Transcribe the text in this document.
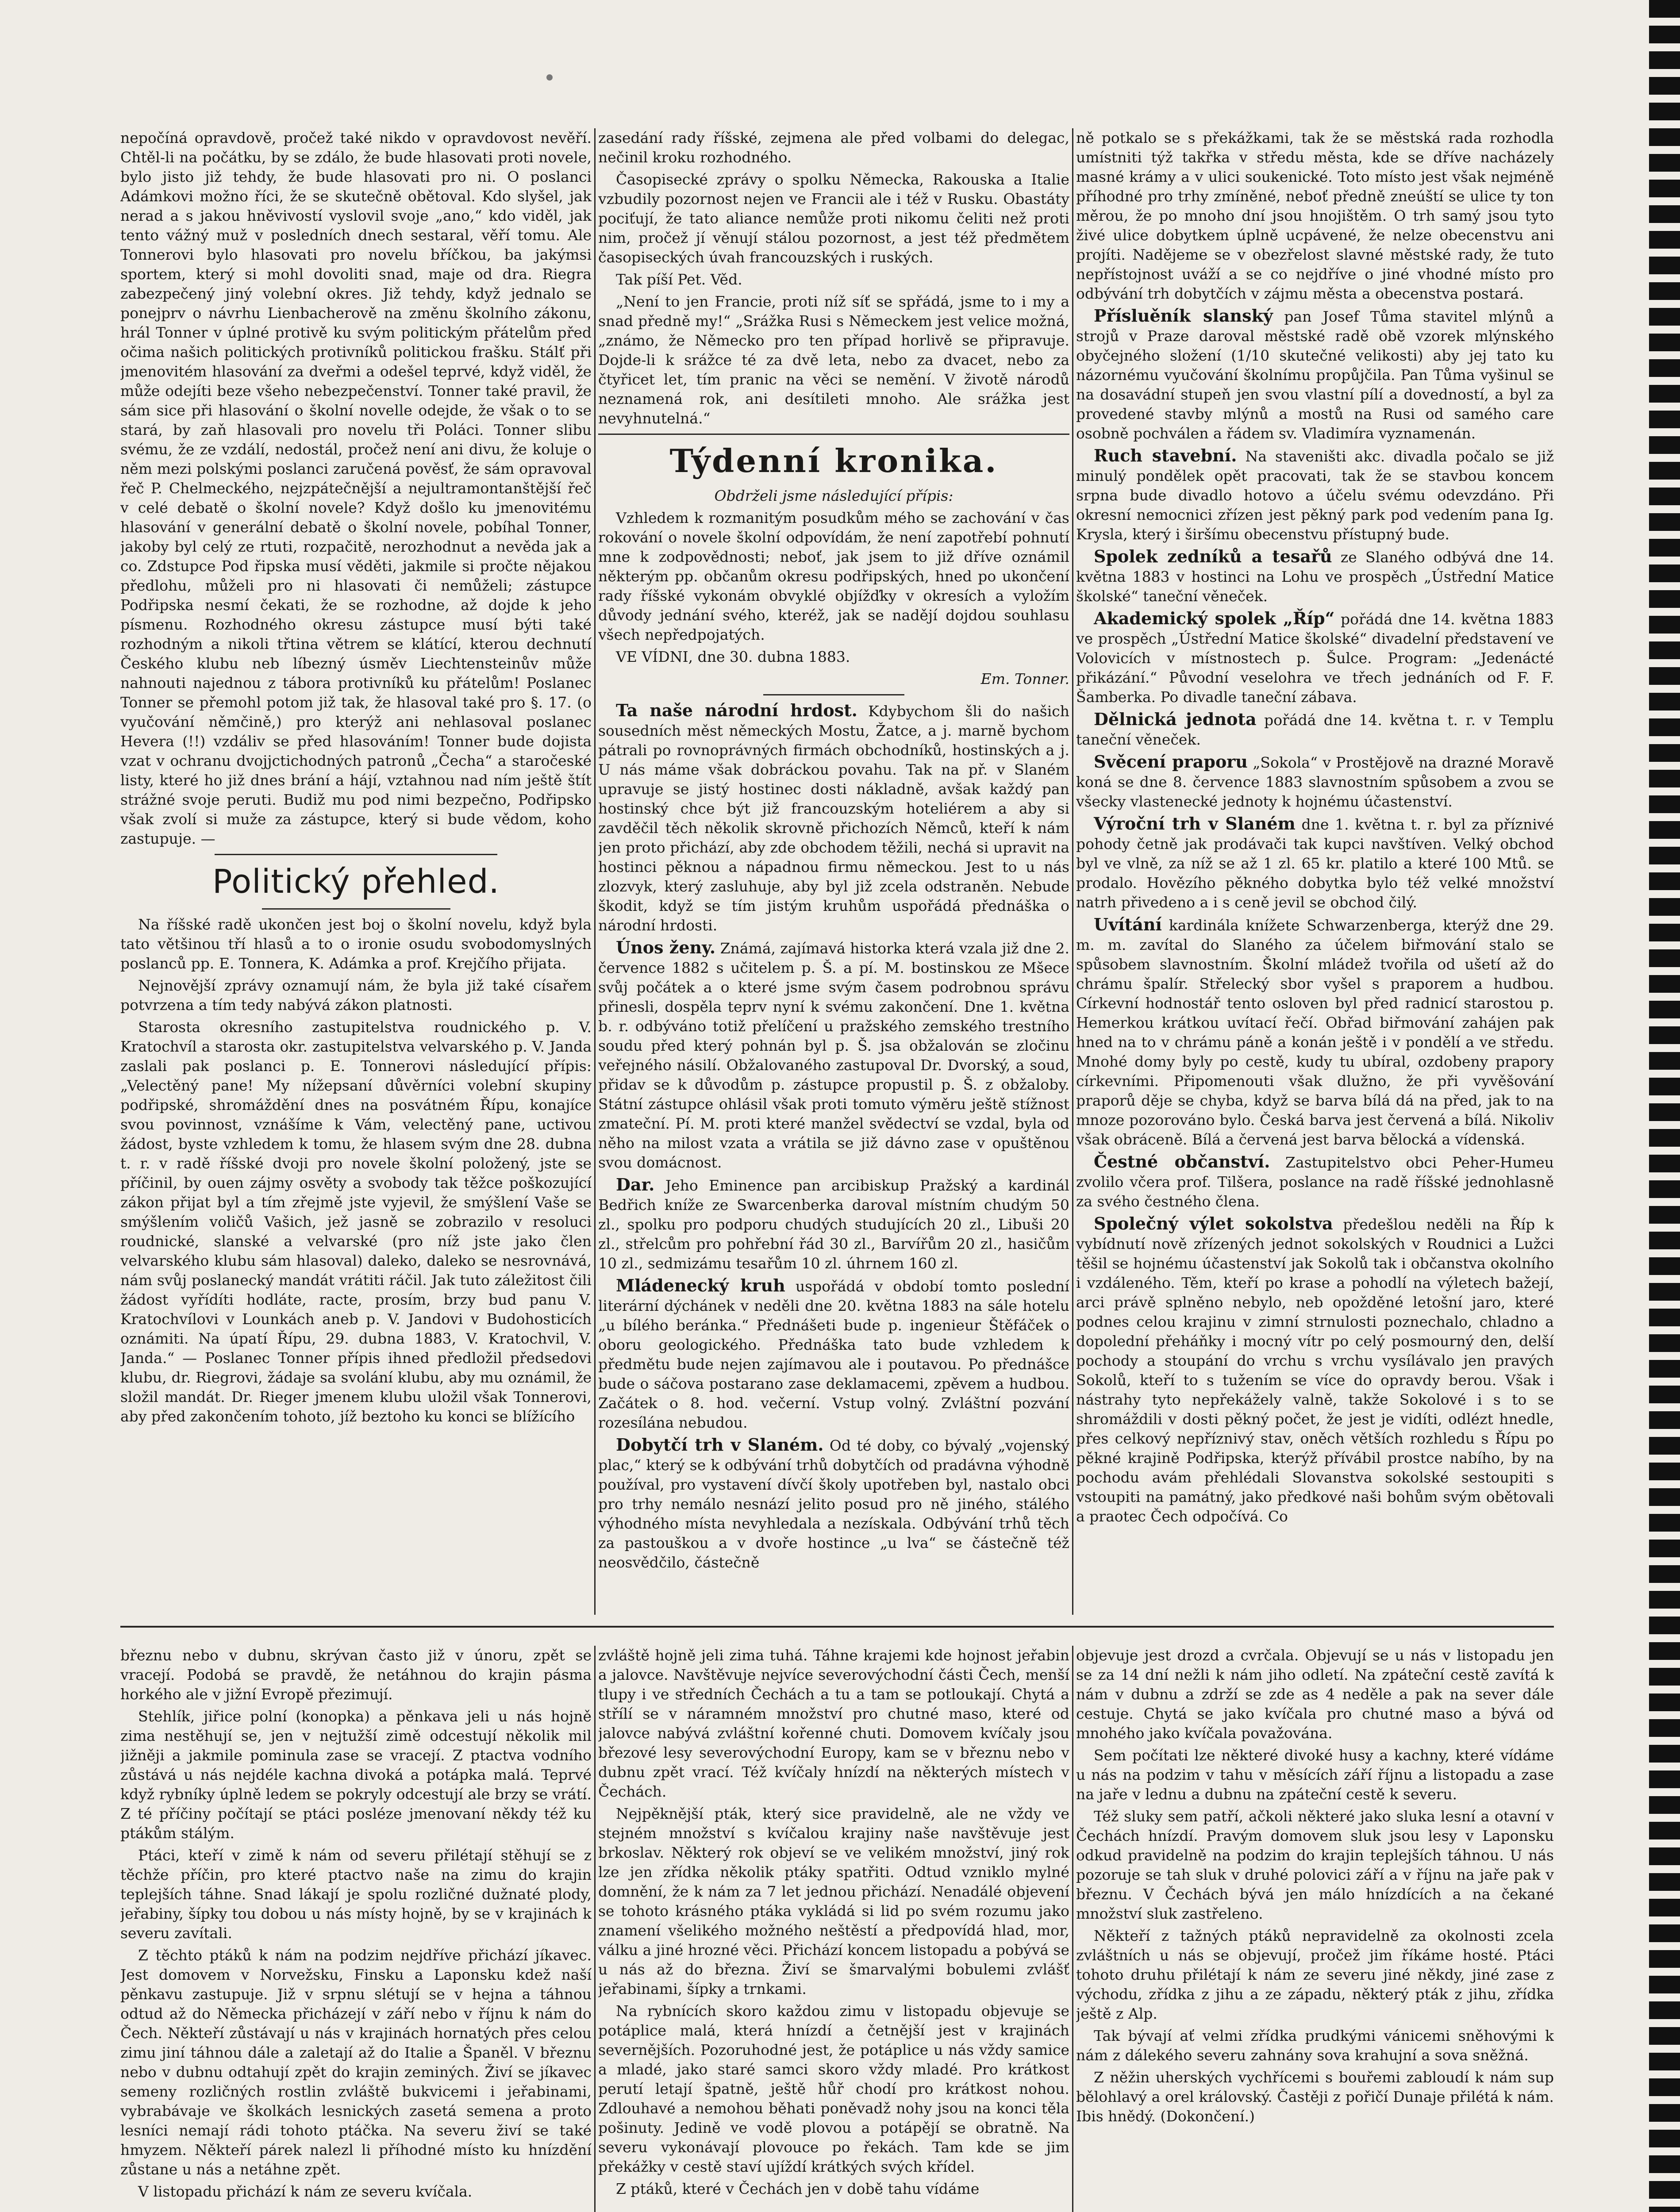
nepočíná opravdově, pročež také nikdo v opravdovost nevěří. Chtěl-li na počátku, by se zdálo, že bude hlasovati proti novele, bylo jisto již tehdy, že bude hlasovati pro ni. O poslanci Adámkovi možno říci, že se skutečně obětoval. Kdo slyšel, jak nerad a s jakou hněvivostí vyslovil svoje „ano,“ kdo viděl, jak tento vážný muž v posledních dnech sestaral, věří tomu. Ale Tonnerovi bylo hlasovati pro novelu bříčkou, ba jakýmsi sportem, který si mohl dovoliti snad, maje od dra. Riegra zabezpečený jiný volební okres. Již tehdy, když jednalo se ponejprv o návrhu Lienbacherově na změnu školního zákonu, hrál Tonner v úplné protivě ku svým politickým přátelům před očima našich politických protivníků politickou frašku. Stálť při jmenovitém hlasování za dveřmi a odešel teprvé, když viděl, že může odejíti beze všeho nebezpečenství. Tonner také pravil, že sám sice při hlasování o školní novelle odejde, že však o to se stará, by zaň hlasovali pro novelu tři Poláci. Tonner slibu svému, že ze vzdálí, nedostál, pročež není ani divu, že koluje o něm mezi polskými poslanci zaručená pověsť, že sám opravoval řeč P. Chelmeckého, nejzpátečnější a nejultramontanštější řeč v celé debatě o školní novele? Když došlo ku jmenovitému hlasování v generální debatě o školní novele, pobíhal Tonner, jakoby byl celý ze rtuti, rozpačitě, nerozhodnut a nevěda jak a co. Zdstupce Pod řipska musí věděti, jakmile si pročte nějakou předlohu, můželi pro ni hlasovati či nemůželi; zástupce Podřipska nesmí čekati, že se rozhodne, až dojde k jeho písmenu. Rozhodného okresu zástupce musí býti také rozhodným a nikoli třtina větrem se klátící, kterou dechnutí Českého klubu neb líbezný úsměv Liechtensteinův může nahnouti najednou z tábora protivníků ku přátelům! Poslanec Tonner se přemohl potom již tak, že hlasoval také pro §. 17. (o vyučování němčině,) pro kterýž ani nehlasoval poslanec Hevera (!!) vzdáliv se před hlasováním! Tonner bude dojista vzat v ochranu dvojjctichodných patronů „Čecha“ a staročeské listy, které ho již dnes brání a hájí, vztahnou nad ním ještě štít strážné svoje peruti. Budiž mu pod nimi bezpečno, Podřipsko však zvolí si muže za zástupce, který si bude vědom, koho zastupuje. —

Politický přehled.

Na říšské radě ukončen jest boj o školní novelu, když byla tato většinou tří hlasů a to o ironie osudu svobodomyslných poslanců pp. E. Tonnera, K. Adámka a prof. Krejčího přijata.

Nejnovější zprávy oznamují nám, že byla již také císařem potvrzena a tím tedy nabývá zákon platnosti.

Starosta okresního zastupitelstva roudnického p. V. Kratochvíl a starosta okr. zastupitelstva velvarského p. V. Janda zaslali pak poslanci p. E. Tonnerovi následující přípis: „Velectěný pane! My nížepsaní důvěrníci volební skupiny podřipské, shromáždění dnes na posvátném Řípu, konajíce svou povinnost, vznášíme k Vám, velectěný pane, uctivou žádost, byste vzhledem k tomu, že hlasem svým dne 28. dubna t. r. v radě říšské dvoji pro novele školní položený, jste se příčinil, by ouen zájmy osvěty a svobody tak těžce poškozující zákon přijat byl a tím zřejmě jste vyjevil, že smýšlení Vaše se smýšlením voličů Vašich, jež jasně se zobrazilo v resoluci roudnické, slanské a velvarské (pro níž jste jako člen velvarského klubu sám hlasoval) daleko, daleko se nesrovnává, nám svůj poslanecký mandát vrátiti ráčil. Jak tuto záležitost čili žádost vyřídíti hodláte, racte, prosím, brzy bud panu V. Kratochvílovi v Lounkách aneb p. V. Jandovi v Budohosticích oznámiti. Na úpatí Řípu, 29. dubna 1883, V. Kratochvil, V. Janda.“ — Poslanec Tonner přípis ihned předložil předsedovi klubu, dr. Riegrovi, žádaje sa svolání klubu, aby mu oznámil, že složil mandát. Dr. Rieger jmenem klubu uložil však Tonnerovi, aby před zakončením tohoto, jíž beztoho ku konci se blížícího

zasedání rady říšské, zejmena ale před volbami do delegac, nečinil kroku rozhodného.

Časopisecké zprávy o spolku Německa, Rakouska a Italie vzbudily pozornost nejen ve Francii ale i též v Rusku. Obastáty pociťují, že tato aliance nemůže proti nikomu čeliti než proti nim, pročež jí věnují stálou pozornost, a jest též předmětem časopiseckých úvah francouzských i ruských.

Tak píší Pet. Věd.

„Není to jen Francie, proti níž síť se spřádá, jsme to i my a snad předně my!“ „Srážka Rusi s Německem jest velice možná, „známo, že Německo pro ten případ horlivě se připravuje. Dojde-li k srážce té za dvě leta, nebo za dvacet, nebo za čtyřicet let, tím pranic na věci se nemění. V životě národů neznamená rok, ani desítileti mnoho. Ale srážka jest nevyhnutelná.“

Týdenní kronika.

Obdrželi jsme následující přípis:

Vzhledem k rozmanitým posudkům mého se zachování v čas rokování o novele školní odpovídám, že není zapotřebí pohnutí mne k zodpovědnosti; neboť, jak jsem to již dříve oznámil některým pp. občanům okresu podřipských, hned po ukončení rady říšské vykonám obvyklé objížďky v okresích a vyložím důvody jednání svého, kteréž, jak se nadějí dojdou souhlasu všech nepředpojatých.

VE VÍDNI, dne 30. dubna 1883.

Em. Tonner.

Ta naše národní hrdost. Kdybychom šli do našich sousedních měst německých Mostu, Žatce, a j. marně bychom pátrali po rovnoprávných firmách obchodníků, hostinských a j. U nás máme však dobráckou povahu. Tak na př. v Slaném upravuje se jistý hostinec dosti nákladně, avšak každý pan hostinský chce být již francouzským hoteliérem a aby si zavděčil těch několik skrovně přichozích Němců, kteří k nám jen proto přichází, aby zde obchodem těžili, nechá si upravit na hostinci pěknou a nápadnou firmu německou. Jest to u nás zlozvyk, který zasluhuje, aby byl již zcela odstraněn. Nebude škodit, když se tím jistým kruhům uspořádá přednáška o národní hrdosti.

Únos ženy. Známá, zajímavá historka která vzala již dne 2. července 1882 s učitelem p. Š. a pí. M. bostinskou ze Mšece svůj počátek a o které jsme svým časem podrobnou správu přinesli, dospěla teprv nyní k svému zakončení. Dne 1. května b. r. odbýváno totiž přelíčení u pražského zemského trestního soudu před který pohnán byl p. Š. jsa obžalován se zločinu veřejného násilí. Obžalovaného zastupoval Dr. Dvorský, a soud, přidav se k důvodům p. zástupce propustil p. Š. z obžaloby. Státní zástupce ohlásil však proti tomuto výměru ještě stížnost zmateční. Pí. M. proti které manžel svědectví se vzdal, byla od něho na milost vzata a vrátila se již dávno zase v opuštěnou svou domácnost.

Dar. Jeho Eminence pan arcibiskup Pražský a kardinál Bedřich kníže ze Swarcenberka daroval místním chudým 50 zl., spolku pro podporu chudých studujících 20 zl., Libuši 20 zl., střelcům pro pohřební řád 30 zl., Barvířům 20 zl., hasičům 10 zl., sedmizámu tesařům 10 zl. úhrnem 160 zl.

Mládenecký kruh uspořádá v období tomto poslední literární dýchánek v neděli dne 20. května 1883 na sále hotelu „u bílého beránka.“ Přednášeti bude p. ingenieur Štěfáček o oboru geologického. Přednáška tato bude vzhledem k předmětu bude nejen zajímavou ale i poutavou. Po přednášce bude o sáčova postarano zase deklamacemi, zpěvem a hudbou. Začátek o 8. hod. večerní. Vstup volný. Zvláštní pozvání rozesílána nebudou.

Dobytčí trh v Slaném. Od té doby, co bývalý „vojenský plac,“ který se k odbývání trhů dobytčích od pradávna výhodně používal, pro vystavení dívčí školy upotřeben byl, nastalo obci pro trhy nemálo nesnází jelito posud pro ně jiného, stálého výhodného místa nevyhledala a nezískala. Odbývání trhů těch za pastouškou a v dvoře hostince „u lva“ se částečně též neosvědčilo, částečně

ně potkalo se s překážkami, tak že se městská rada rozhodla umístniti týž takřka v středu města, kde se dříve nacházely masné krámy a v ulici soukenické. Toto místo jest však nejméně příhodné pro trhy zmíněné, neboť předně zneúští se ulice ty ton měrou, že po mnoho dní jsou hnojištěm. O trh samý jsou tyto živé ulice dobytkem úplně ucpávené, že nelze obecenstvu ani projíti. Nadějeme se v obezřelost slavné městské rady, že tuto nepřístojnost uváží a se co nejdříve o jiné vhodné místo pro odbývání trh dobytčích v zájmu města a obecenstva postará.

Přísluěník slanský pan Josef Tůma stavitel mlýnů a strojů v Praze daroval městské radě obě vzorek mlýnského obyčejného složení (1/10 skutečné velikosti) aby jej tato ku názornému vyučování školnímu propůjčila. Pan Tůma vyšinul se na dosavádní stupeň jen svou vlastní pílí a dovedností, a byl za provedené stavby mlýnů a mostů na Rusi od samého care osobně pochválen a řádem sv. Vladimíra vyznamenán.

Ruch stavební. Na staveništi akc. divadla počalo se již minulý pondělek opět pracovati, tak že se stavbou koncem srpna bude divadlo hotovo a účelu svému odevzdáno. Při okresní nemocnici zřízen jest pěkný park pod vedením pana Ig. Krysla, který i širšímu obecenstvu přístupný bude.

Spolek zedníků a tesařů ze Slaného odbývá dne 14. května 1883 v hostinci na Lohu ve prospěch „Ústřední Matice školské“ taneční věneček.

Akademický spolek „Říp“ pořádá dne 14. května 1883 ve prospěch „Ústřední Matice školské“ divadelní představení ve Volovicích v místnostech p. Šulce. Program: „Jedenácté přikázání.“ Původní veselohra ve třech jednáních od F. F. Šamberka. Po divadle taneční zábava.

Dělnická jednota pořádá dne 14. května t. r. v Templu taneční věneček.

Svěcení praporu „Sokola“ v Prostějově na drazné Moravě koná se dne 8. července 1883 slavnostním spůsobem a zvou se všecky vlastenecké jednoty k hojnému účastenství.

Výroční trh v Slaném dne 1. května t. r. byl za příznivé pohody četně jak prodávači tak kupci navštíven. Velký obchod byl ve vlně, za níž se až 1 zl. 65 kr. platilo a které 100 Mtů. se prodalo. Hovězího pěkného dobytka bylo též velké množství natrh přivedeno a i s ceně jevil se obchod čilý.

Uvítání kardinála knížete Schwarzenberga, kterýž dne 29. m. m. zavítal do Slaného za účelem biřmování stalo se spůsobem slavnostním. Školní mládež tvořila od ušetí až do chrámu špalír. Střelecký sbor vyšel s praporem a hudbou. Církevní hodnostář tento osloven byl před radnicí starostou p. Hemerkou krátkou uvítací řečí. Obřad biřmování zahájen pak hned na to v chrámu páně a konán ještě i v pondělí a ve středu. Mnohé domy byly po cestě, kudy tu ubíral, ozdobeny prapory církevními. Připomenouti však dlužno, že při vyvěšování praporů děje se chyba, když se barva bílá dá na před, jak to na mnoze pozorováno bylo. Česká barva jest červená a bílá. Nikoliv však obráceně. Bílá a červená jest barva bělocká a vídenská.

Čestné občanství. Zastupitelstvo obci Peher-Humeu zvolilo včera prof. Tilšera, poslance na radě říšské jednohlasně za svého čestného člena.

Společný výlet sokolstva předešlou neděli na Říp k vybídnutí nově zřízených jednot sokolských v Roudnici a Lužci těšil se hojnému účastenství jak Sokolů tak i občanstva okolního i vzdáleného. Těm, kteří po krase a pohodlí na výletech bažejí, arci právě splněno nebylo, neb opožděné letošní jaro, které podnes celou krajinu v zimní strnulosti poznechalo, chladno a dopolední přeháňky i mocný vítr po celý posmourný den, delší pochody a stoupání do vrchu s vrchu vysílávalo jen pravých Sokolů, kteří to s tužením se více do opravdy berou. Však i nástrahy tyto nepřekážely valně, takže Sokolové i s to se shromáždili v dosti pěkný počet, že jest je vidíti, odlézt hnedle, přes celkový nepříznivý stav, oněch větších rozhledu s Řípu po pěkné krajině Podřipska, kterýž přívábil prostce nabího, by na pochodu avám přehlédali Slovanstva sokolské sestoupiti s vstoupiti na památný, jako předkové naši bohům svým obětovali a praotec Čech odpočívá. Co

březnu nebo v dubnu, skrývan často již v únoru, zpět se vracejí. Podobá se pravdě, že netáhnou do krajin pásma horkého ale v jižní Evropě přezimují.

Stehlík, jiřice polní (konopka) a pěnkava jeli u nás hojně zima nestěhují se, jen v nejtužší zimě odcestují několik mil jižněji a jakmile pominula zase se vracejí. Z ptactva vodního zůstává u nás nejdéle kachna divoká a potápka malá. Teprvé když rybníky úplně ledem se pokryly odcestují ale brzy se vrátí. Z té příčiny počítají se ptáci posléze jmenovaní někdy též ku ptákům stálým.

Ptáci, kteří v zimě k nám od severu přilétají stěhují se z těchže příčin, pro které ptactvo naše na zimu do krajin teplejších táhne. Snad lákají je spolu rozličné dužnaté plody, jeřabiny, šípky tou dobou u nás místy hojně, by se v krajinách k severu zavítali.

Z těchto ptáků k nám na podzim nejdříve přichází jíkavec. Jest domovem v Norvežsku, Finsku a Laponsku kdež naší pěnkavu zastupuje. Již v srpnu slétují se v hejna a táhnou odtud až do Německa přicházejí v září nebo v říjnu k nám do Čech. Někteří zůstávají u nás v krajinách hornatých přes celou zimu jiní táhnou dále a zaletají až do Italie a Španěl. V březnu nebo v dubnu odtahují zpět do krajin zeminých. Živí se jíkavec semeny rozličných rostlin zvláště bukvicemi i jeřabinami, vybrabávaje ve školkách lesnických zasetá semena a proto lesníci nemají rádi tohoto ptáčka. Na severu živí se také hmyzem. Někteří párek nalezl li příhodné místo ku hnízdění zůstane u nás a netáhne zpět.

V listopadu přichází k nám ze severu kvíčala.

zvláště hojně jeli zima tuhá. Táhne krajemi kde hojnost jeřabin a jalovce. Navštěvuje nejvíce severovýchodní části Čech, menší tlupy i ve středních Čechách a tu a tam se potloukají. Chytá a střílí se v náramném množství pro chutné maso, které od jalovce nabývá zvláštní kořenné chuti. Domovem kvíčaly jsou březové lesy severovýchodní Europy, kam se v březnu nebo v dubnu zpět vrací. Též kvíčaly hnízdí na některých místech v Čechách.

Nejpěknější pták, který sice pravidelně, ale ne vždy ve stejném množství s kvíčalou krajiny naše navštěvuje jest brkoslav. Některý rok objeví se ve velikém množství, jiný rok lze jen zřídka několik ptáky spatřiti. Odtud vzniklo mylné domnění, že k nám za 7 let jednou přichází. Nenadálé objevení se tohoto krásného ptáka vykládá si lid po svém rozumu jako znamení všelikého možného neštěstí a předpovídá hlad, mor, válku a jiné hrozné věci. Přichází koncem listopadu a pobývá se u nás až do března. Živí se šmarvalými bobulemi zvlášť jeřabinami, šípky a trnkami.

Na rybnících skoro každou zimu v listopadu objevuje se potáplice malá, která hnízdí a četnější jest v krajinách severnějších. Pozoruhodné jest, že potáplice u nás vždy samice a mladé, jako staré samci skoro vždy mladé. Pro krátkost perutí letají špatně, ještě hůř chodí pro krátkost nohou. Zdlouhavé a nemohou běhati poněvadž nohy jsou na konci těla pošinuty. Jedině ve vodě plovou a potápějí se obratně. Na severu vykonávají plovouce po řekách. Tam kde se jim překážky v cestě staví ujíždí krátkých svých křídel.

Z ptáků, které v Čechách jen v době tahu vídáme

objevuje jest drozd a cvrčala. Objevují se u nás v listopadu jen se za 14 dní nežli k nám jiho odletí. Na zpáteční cestě zavítá k nám v dubnu a zdrží se zde as 4 neděle a pak na sever dále cestuje. Chytá se jako kvíčala pro chutné maso a bývá od mnohého jako kvíčala považována.

Sem počítati lze některé divoké husy a kachny, které vídáme u nás na podzim v tahu v měsících září říjnu a listopadu a zase na jaře v lednu a dubnu na zpáteční cestě k severu.

Též sluky sem patří, ačkoli některé jako sluka lesní a otavní v Čechách hnízdí. Pravým domovem sluk jsou lesy v Laponsku odkud pravidelně na podzim do krajin teplejších táhnou. U nás pozoruje se tah sluk v druhé polovici září a v říjnu na jaře pak v březnu. V Čechách bývá jen málo hnízdících a na čekané množství sluk zastřeleno.

Někteří z tažných ptáků nepravidelně za okolnosti zcela zvláštních u nás se objevují, pročež jim říkáme hosté. Ptáci tohoto druhu přilétají k nám ze severu jiné někdy, jiné zase z východu, zřídka z jihu a ze západu, některý pták z jihu, zřídka ještě z Alp.

Tak bývají ať velmi zřídka prudkými vánicemi sněhovými k nám z dálekého severu zahnány sova krahujní a sova sněžná.

Z něžin uherských vychřícemi s bouřemi zabloudí k nám sup bělohlavý a orel královský. Častěji z pořičí Dunaje přilétá k nám. Ibis hnědý. (Dokončení.)
